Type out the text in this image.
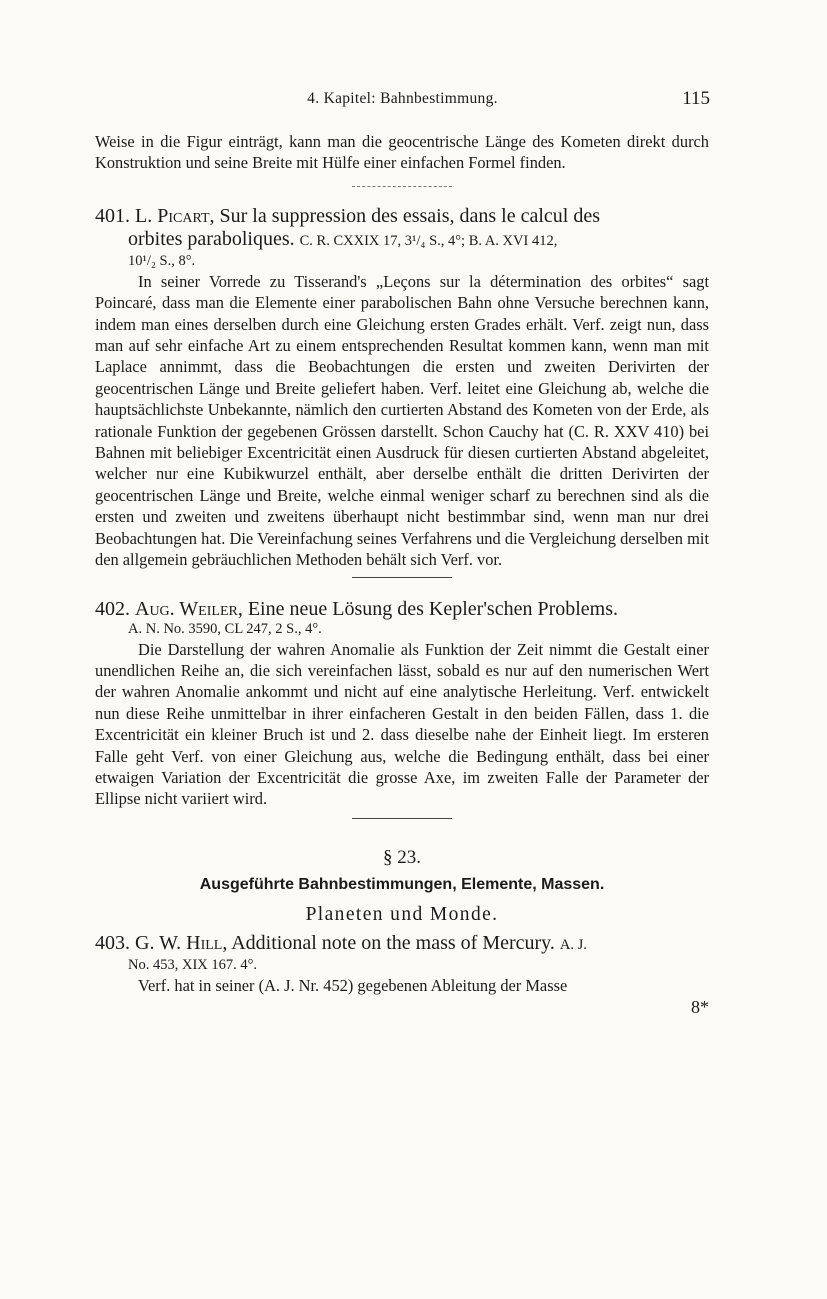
4. Kapitel: Bahnbestimmung.	115

Weise in die Figur einträgt, kann man die geocentrische Länge des Kometen direkt durch Konstruktion und seine Breite mit Hülfe einer einfachen Formel finden.

401. L. Picart, Sur la suppression des essais, dans le calcul des

orbites paraboliques. C. R. CXXIX 17, 3¹/₄ S., 4°; B. A. XVI 412,

10¹/₂ S., 8°.

In seiner Vorrede zu Tisserand's „Leçons sur la détermination des orbites“ sagt Poincaré, dass man die Elemente einer parabolischen Bahn ohne Versuche berechnen kann, indem man eines derselben durch eine Gleichung ersten Grades erhält. Verf. zeigt nun, dass man auf sehr einfache Art zu einem entsprechenden Resultat kommen kann, wenn man mit Laplace annimmt, dass die Beobachtungen die ersten und zweiten Derivirten der geocentrischen Länge und Breite geliefert haben. Verf. leitet eine Gleichung ab, welche die hauptsächlichste Unbekannte, nämlich den curtierten Abstand des Kometen von der Erde, als rationale Funktion der gegebenen Grössen darstellt. Schon Cauchy hat (C. R. XXV 410) bei Bahnen mit beliebiger Excentricität einen Ausdruck für diesen curtierten Abstand abgeleitet, welcher nur eine Kubikwurzel enthält, aber derselbe enthält die dritten Derivirten der geocentrischen Länge und Breite, welche einmal weniger scharf zu berechnen sind als die ersten und zweiten und zweitens überhaupt nicht bestimmbar sind, wenn man nur drei Beobachtungen hat. Die Vereinfachung seines Verfahrens und die Vergleichung derselben mit den allgemein gebräuchlichen Methoden behält sich Verf. vor.

402. Aug. Weiler, Eine neue Lösung des Kepler'schen Problems.

A. N. No. 3590, CL 247, 2 S., 4°.

Die Darstellung der wahren Anomalie als Funktion der Zeit nimmt die Gestalt einer unendlichen Reihe an, die sich vereinfachen lässt, sobald es nur auf den numerischen Wert der wahren Anomalie ankommt und nicht auf eine analytische Herleitung. Verf. entwickelt nun diese Reihe unmittelbar in ihrer einfacheren Gestalt in den beiden Fällen, dass 1. die Excentricität ein kleiner Bruch ist und 2. dass dieselbe nahe der Einheit liegt. Im ersteren Falle geht Verf. von einer Gleichung aus, welche die Bedingung enthält, dass bei einer etwaigen Variation der Excentricität die grosse Axe, im zweiten Falle der Parameter der Ellipse nicht variiert wird.

§ 23.
Ausgeführte Bahnbestimmungen, Elemente, Massen.
Planeten und Monde.

403. G. W. Hill, Additional note on the mass of Mercury. A. J.

No. 453, XIX 167. 4°.

Verf. hat in seiner (A. J. Nr. 452) gegebenen Ableitung der Masse

8*
